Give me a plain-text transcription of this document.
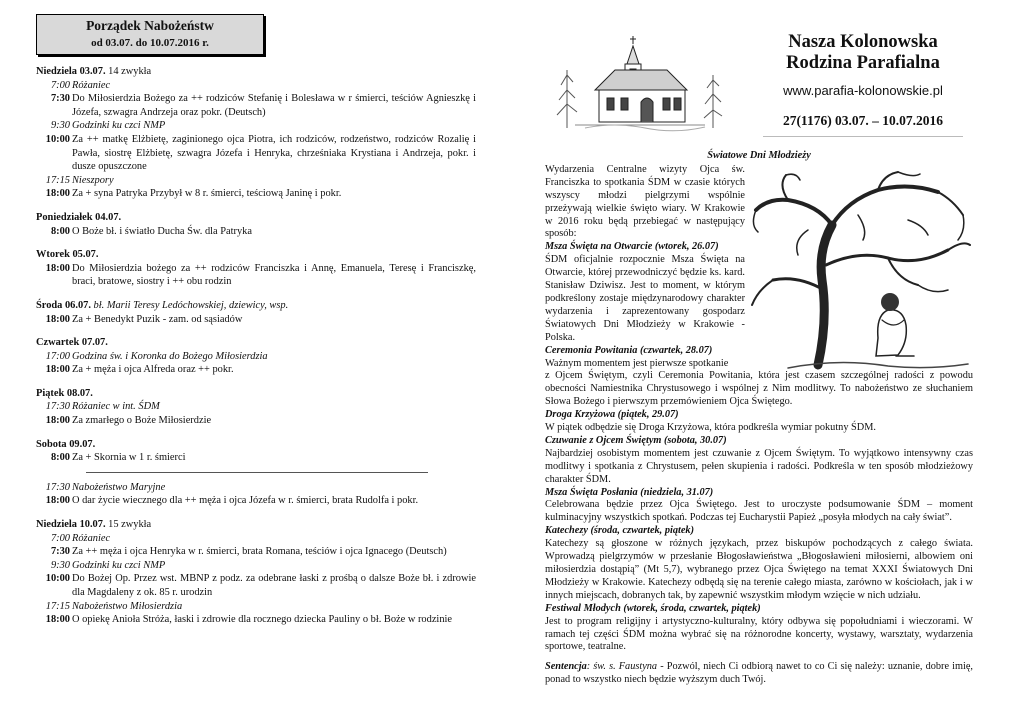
Porządek Nabożeństw
od 03.07. do 10.07.2016 r.
Niedziela 03.07. 14 zwykła
7:00 Różaniec
7:30 Do Miłosierdzia Bożego za ++ rodziców Stefanię i Bolesława w r śmierci, teściów Agnieszkę i Józefa, szwagra Andrzeja oraz pokr. (Deutsch)
9:30 Godzinki ku czci NMP
10:00 Za ++ matkę Elżbietę, zaginionego ojca Piotra, ich rodziców, rodzeństwo, rodziców Rozalię i Pawła, siostrę Elżbietę, szwagra Józefa i Henryka, chrześniaka Krystiana i Andrzeja, pokr. i dusze opuszczone
17:15 Nieszpory
18:00 Za + syna Patryka Przybył w 8 r. śmierci, teściową Janinę i pokr.
Poniedziałek 04.07.
8:00 O Boże bł. i światło Ducha Św. dla Patryka
Wtorek 05.07.
18:00 Do Miłosierdzia bożego za ++ rodziców Franciszka i Annę, Emanuela, Teresę i Franciszkę, braci, bratowe, siostry i ++ obu rodzin
Środa 06.07. bł. Marii Teresy Ledóchowskiej, dziewicy, wsp.
18:00 Za + Benedykt Puzik - zam. od sąsiadów
Czwartek 07.07.
17:00 Godzina św. i Koronka do Bożego Miłosierdzia
18:00 Za + męża i ojca Alfreda oraz ++ pokr.
Piątek 08.07.
17:30 Różaniec w int. ŚDM
18:00 Za zmarłego o Boże Miłosierdzie
Sobota 09.07.
8:00 Za + Skornia w 1 r. śmierci
17:30 Nabożeństwo Maryjne
18:00 O dar życie wiecznego dla ++ męża i ojca Józefa w r. śmierci, brata Rudolfa i pokr.
Niedziela 10.07. 15 zwykła
7:00 Różaniec
7:30 Za ++ męża i ojca Henryka w r. śmierci, brata Romana, teściów i ojca Ignacego (Deutsch)
9:30 Godzinki ku czci NMP
10:00 Do Bożej Op. Przez wst. MBNP z podz. za odebrane łaski z prośbą o dalsze Boże bł. i zdrowie dla Magdaleny z ok. 85 r. urodzin
17:15 Nabożeństwo Miłosierdzia
18:00 O opiekę Anioła Stróża, łaski i zdrowie dla rocznego dziecka Pauliny o bł. Boże w rodzinie
Nasza Kolonowska
Rodzina Parafialna
www.parafia-kolonowskie.pl
27(1176) 03.07. – 10.07.2016
Światowe Dni Młodzieży

Wydarzenia Centralne wizyty Ojca św. Franciszka to spotkania ŚDM w czasie których wszyscy młodzi pielgrzymi wspólnie przeżywają wielkie święto wiary. W Krakowie w 2016 roku będą przebiegać w następujący sposób:

Msza Święta na Otwarcie (wtorek, 26.07)

ŚDM oficjalnie rozpocznie Msza Święta na Otwarcie, której przewodniczyć będzie ks. kard. Stanisław Dziwisz. Jest to moment, w którym podkreślony zostaje międzynarodowy charakter wydarzenia i zaprezentowany gospodarz Światowych Dni Młodzieży w Krakowie - Polska.

Ceremonia Powitania (czwartek, 28.07)

Ważnym momentem jest pierwsze spotkanie

z Ojcem Świętym, czyli Ceremonia Powitania, która jest czasem szczególnej radości z powodu obecności Namiestnika Chrystusowego i wspólnej z Nim modlitwy. To nabożeństwo ze słuchaniem Słowa Bożego i pierwszym przemówieniem Ojca Świętego.

Droga Krzyżowa (piątek, 29.07)

W piątek odbędzie się Droga Krzyżowa, która podkreśla wymiar pokutny ŚDM.

Czuwanie z Ojcem Świętym (sobota, 30.07)

Najbardziej osobistym momentem jest czuwanie z Ojcem Świętym. To wyjątkowo intensywny czas modlitwy i spotkania z Chrystusem, pełen skupienia i radości. Podkreśla w ten sposób młodzieżowy charakter ŚDM.

Msza Święta Posłania (niedziela, 31.07)

Celebrowana będzie przez Ojca Świętego. Jest to uroczyste podsumowanie ŚDM – moment kulminacyjny wszystkich spotkań. Podczas tej Eucharystii Papież „posyła młodych na cały świat”.

Katechezy (środa, czwartek, piątek)

Katechezy są głoszone w różnych językach, przez biskupów pochodzących z całego świata. Wprowadzą pielgrzymów w przesłanie Błogosławieństwa „Błogosławieni miłosierni, albowiem oni miłosierdzia dostąpią” (Mt 5,7), wybranego przez Ojca Świętego na temat XXXI Światowych Dni Młodzieży w Krakowie. Katechezy odbędą się na terenie całego miasta, zarówno w kościołach, jak i w innych miejscach, dobranych tak, by zapewnić wszystkim młodym wzięcie w nich udziału.

Festiwal Młodych (wtorek, środa, czwartek, piątek)

Jest to program religijny i artystyczno-kulturalny, który odbywa się popołudniami i wieczorami. W ramach tej części ŚDM można wybrać się na różnorodne koncerty, wystawy, warsztaty, wydarzenia sportowe, teatralne.

Sentencja: św. s. Faustyna - Pozwól, niech Ci odbiorą nawet to co Ci się należy: uznanie, dobre imię, ponad to wszystko niech będzie wyższym duch Twój.
